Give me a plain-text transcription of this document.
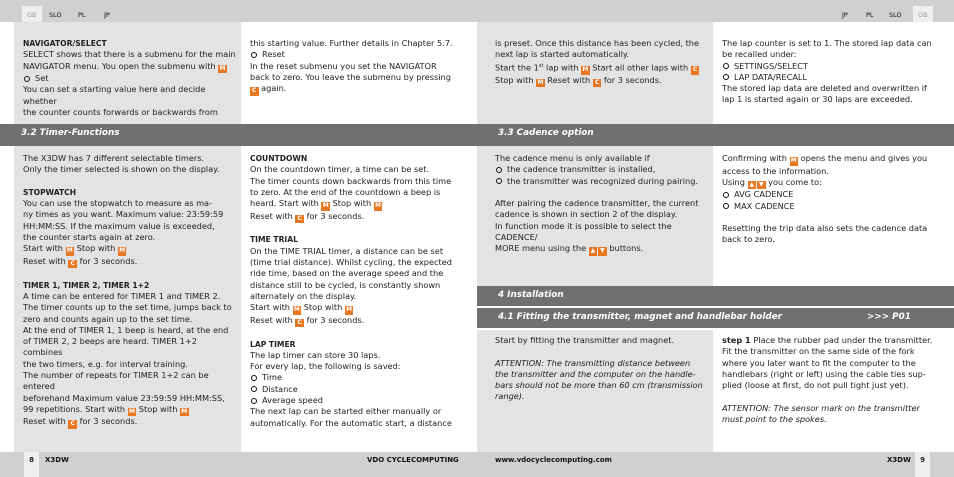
GB	SLO	PL	JP	JP	PL SLO	GB

NAVIGATOR/SELECT

SELECT shows that there is a submenu for the main

NAVIGATOR menu. You open the submenu with M

Set

You can set a starting value here and decide whether

the counter counts forwards or backwards from

this starting value. Further details in Chapter 5.7.

Reset

In the reset submenu you set the NAVIGATOR

back to zero. You leave the submenu by pressing

C again.

is preset. Once this distance has been cycled, the

next lap is started automatically.

Start the 1st lap with M Start all other laps with C

Stop with M Reset with C for 3 seconds.

The lap counter is set to 1. The stored lap data can

be recalled under:

SETTINGS/SELECT

LAP DATA/RECALL

The stored lap data are deleted and overwritten if

lap 1 is started again or 30 laps are exceeded.

3.2 Timer-Functions	3.3 Cadence option
4 Installation
4.1 Fitting the transmitter, magnet and handlebar holder	>>> P01

The X3DW has 7 different selectable timers.

Only the timer selected is shown on the display.

STOPWATCH

You can use the stopwatch to measure as ma-

ny times as you want. Maximum value: 23:59:59

HH:MM:SS. If the maximum value is exceeded,

the counter starts again at zero.

Start with M Stop with M

Reset with C for 3 seconds.

TIMER 1, TIMER 2, TIMER 1+2

A time can be entered for TIMER 1 and TIMER 2.

The timer counts up to the set time, jumps back to

zero and counts again up to the set time.

At the end of TIMER 1, 1 beep is heard, at the end

of TIMER 2, 2 beeps are heard. TIMER 1+2 combines

the two timers, e.g. for interval training.

The number of repeats for TIMER 1+2 can be entered

beforehand Maximum value 23:59:59 HH:MM:SS,

99 repetitions. Start with M Stop with M

Reset with C for 3 seconds.

COUNTDOWN

On the countdown timer, a time can be set.

The timer counts down backwards from this time

to zero. At the end of the countdown a beep is

heard. Start with M Stop with M

Reset with C for 3 seconds.

TIME TRIAL

On the TIME TRIAL timer, a distance can be set

(time trial distance). Whilst cycling, the expected

ride time, based on the average speed and the

distance still to be cycled, is constantly shown

alternately on the display.

Start with M Stop with M

Reset with C for 3 seconds.

LAP TIMER

The lap timer can store 30 laps.

For every lap, the following is saved:

Time

Distance

Average speed

The next lap can be started either manually or

automatically. For the automatic start, a distance

The cadence menu is only available if

the cadence transmitter is installed,

the transmitter was recognized during pairing.

After pairing the cadence transmitter, the current

cadence is shown in section 2 of the display.

In function mode it is possible to select the CADENCE/

MORE menu using the ▲ ▼ buttons.

Confirming with M opens the menu and gives you

access to the information.

Using ▲ ▼ you come to:

AVG CADENCE

MAX CADENCE

Resetting the trip data also sets the cadence data

back to zero.

Start by fitting the transmitter and magnet.

ATTENTION: The transmitting distance between

the transmitter and the computer on the handle-

bars should not be more than 60 cm (transmission

range).

step 1 Place the rubber pad under the transmitter.

Fit the transmitter on the same side of the fork

where you later want to fit the computer to the

handlebars (right or left) using the cable ties sup-

plied (loose at first, do not pull tight just yet).

ATTENTION: The sensor mark on the transmitter

must point to the spokes.

8	X3DW	VDO CYCLECOMPUTING	www.vdocyclecomputing.com	X3DW	9
